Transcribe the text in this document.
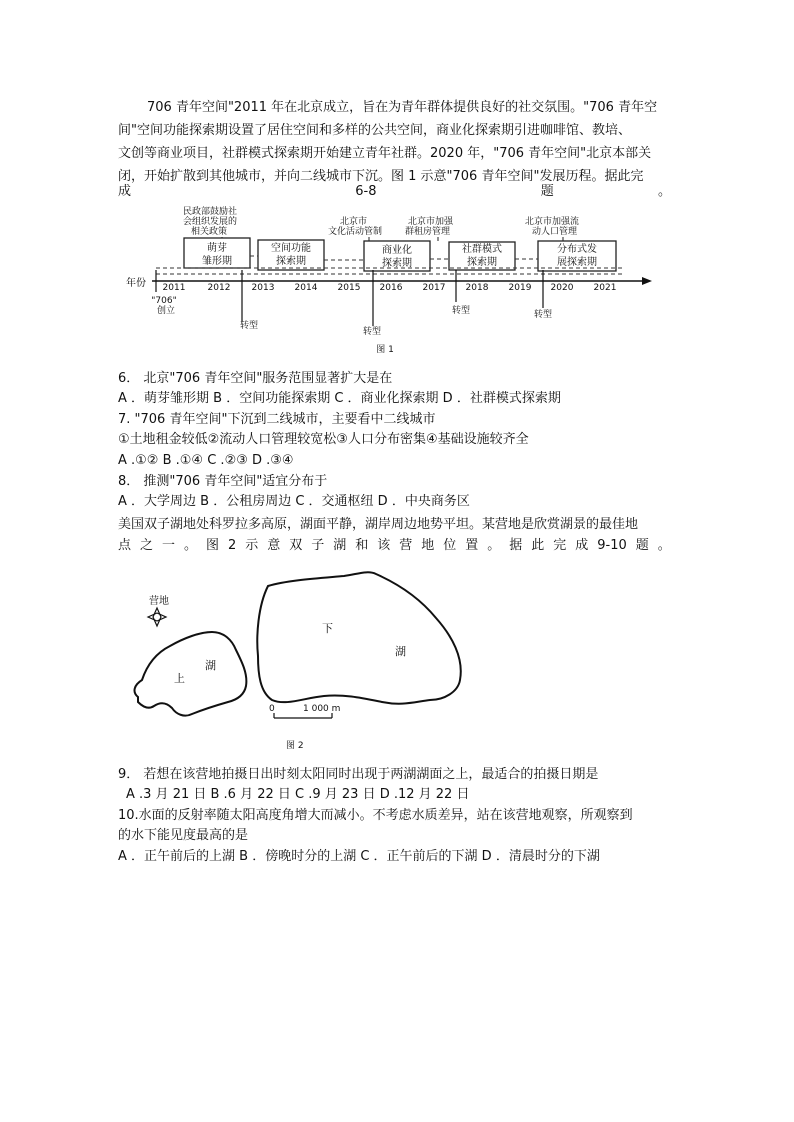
706 青年空间"2011 年在北京成立，旨在为青年群体提供良好的社交氛围。"706 青年空
间"空间功能探索期设置了居住空间和多样的公共空间，商业化探索期引进咖啡馆、教培、
文创等商业项目，社群模式探索期开始建立青年社群。2020 年，"706 青年空间"北京本部关
闭，开始扩散到其他城市，并向二线城市下沉。图 1 示意"706 青年空间"发展历程。据此完
成	6-8	题	。
民政部鼓励社
会组织发展的
相关政策
北京市
文化活动管制
北京市加强
群租房管理
北京市加强流
动人口管理
萌芽
雏形期
空间功能
探索期
商业化
探索期
社群模式
探索期
分布式发
展探索期
年份 2011 2012 2013 2014 2015 2016 2017 2018 2019 2020 2021
"706"
创立
转型
转型
转型	转型
图 1
6． 北京"706 青年空间"服务范围显著扩大是在
A ．萌芽雏形期 B ．空间功能探索期 C ．商业化探索期 D ．社群模式探索期
7. "706 青年空间"下沉到二线城市，主要看中二线城市
①土地租金较低②流动人口管理较宽松③人口分布密集④基础设施较齐全
A .①② B .①④ C .②③ D .③④
8． 推测"706 青年空间"适宜分布于
A ．大学周边 B ．公租房周边 C ．交通枢纽 D ．中央商务区
美国双子湖地处科罗拉多高原，湖面平静，湖岸周边地势平坦。某营地是欣赏湖景的最佳地
点 之 一 。 图 2 示 意 双 子 湖 和 该 营 地 位 置 。 据 此 完 成 9-10 题 。
营地
上
湖
下
湖
0	1 000 m
图 2
9． 若想在该营地拍摄日出时刻太阳同时出现于两湖湖面之上，最适合的拍摄日期是
A .3 月 21 日 B .6 月 22 日 C .9 月 23 日 D .12 月 22 日
10.水面的反射率随太阳高度角增大而减小。不考虑水质差异，站在该营地观察，所观察到
的水下能见度最高的是
A ．正午前后的上湖 B ．傍晚时分的上湖 C ．正午前后的下湖 D ．清晨时分的下湖
